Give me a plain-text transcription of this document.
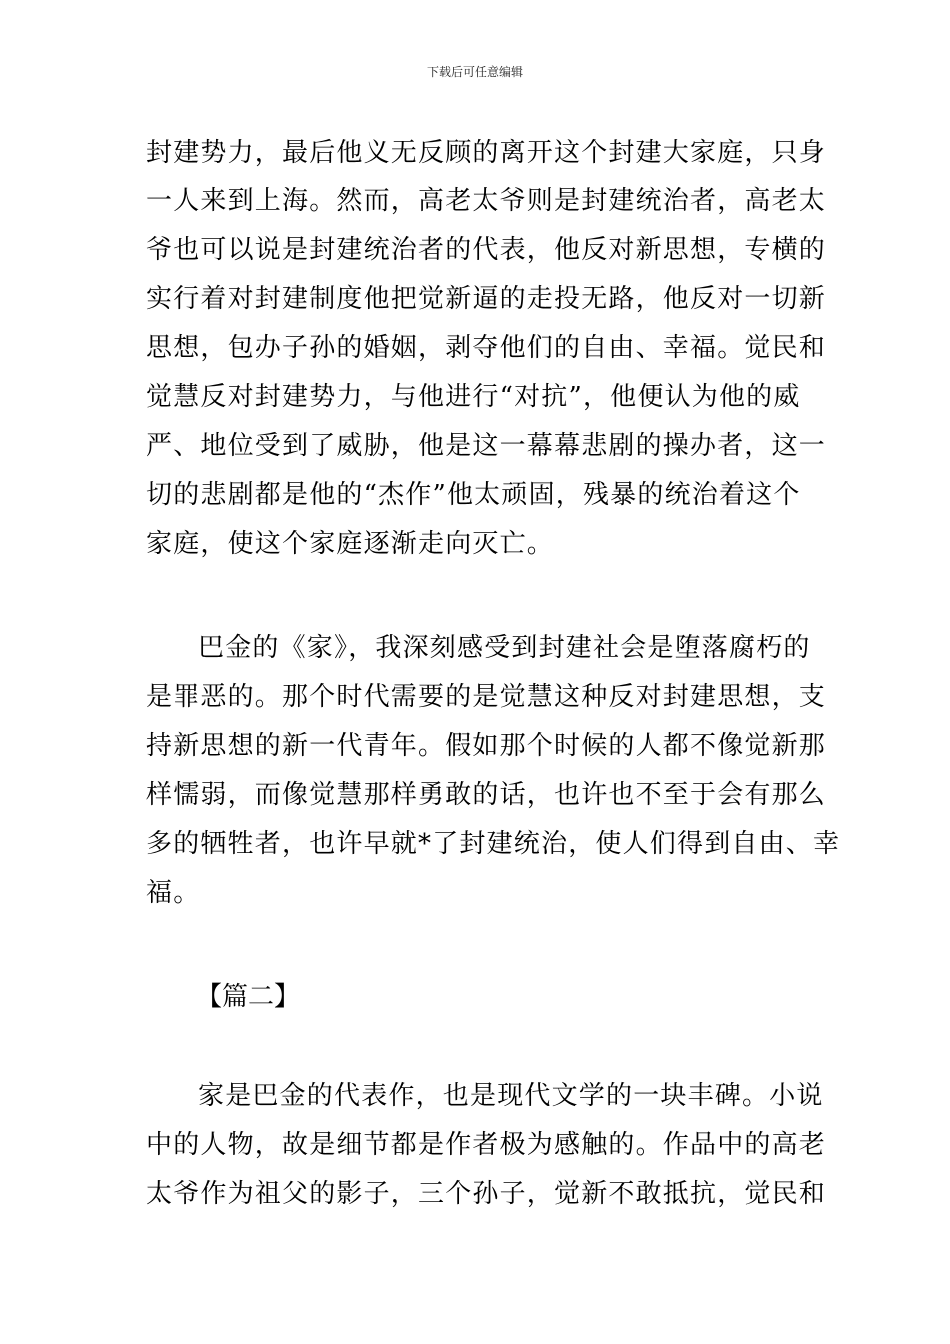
下载后可任意编辑
封建势力，最后他义无反顾的离开这个封建大家庭，只身
一人来到上海。然而，高老太爷则是封建统治者，高老太
爷也可以说是封建统治者的代表，他反对新思想，专横的
实行着对封建制度他把觉新逼的走投无路，他反对一切新
思想，包办子孙的婚姻，剥夺他们的自由、幸福。觉民和
觉慧反对封建势力，与他进行“对抗”，他便认为他的威
严、地位受到了威胁，他是这一幕幕悲剧的操办者，这一
切的悲剧都是他的“杰作”他太顽固，残暴的统治着这个
家庭，使这个家庭逐渐走向灭亡。
巴金的《家》，我深刻感受到封建社会是堕落腐朽的
是罪恶的。那个时代需要的是觉慧这种反对封建思想，支
持新思想的新一代青年。假如那个时候的人都不像觉新那
样懦弱，而像觉慧那样勇敢的话，也许也不至于会有那么
多的牺牲者，也许早就*了封建统治，使人们得到自由、幸
福。
【篇二】
家是巴金的代表作，也是现代文学的一块丰碑。小说
中的人物，故是细节都是作者极为感触的。作品中的高老
太爷作为祖父的影子，三个孙子，觉新不敢抵抗，觉民和
